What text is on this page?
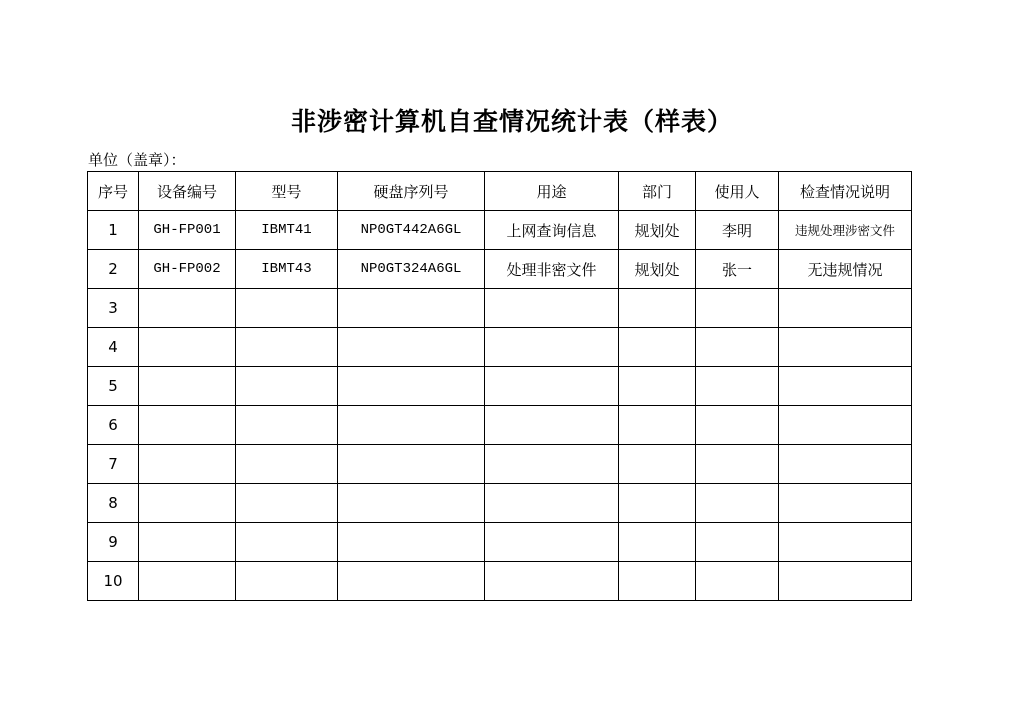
非涉密计算机自查情况统计表（样表）
单位（盖章）：
序号	设备编号	型号	硬盘序列号	用途	部门	使用人	检查情况说明
1	GH-FP001	IBMT41	NP0GT442A6GL	上网查询信息	规划处	李明	违规处理涉密文件
2	GH-FP002	IBMT43	NP0GT324A6GL	处理非密文件	规划处	张一	无违规情况
3							
4							
5							
6							
7							
8							
9							
10							
